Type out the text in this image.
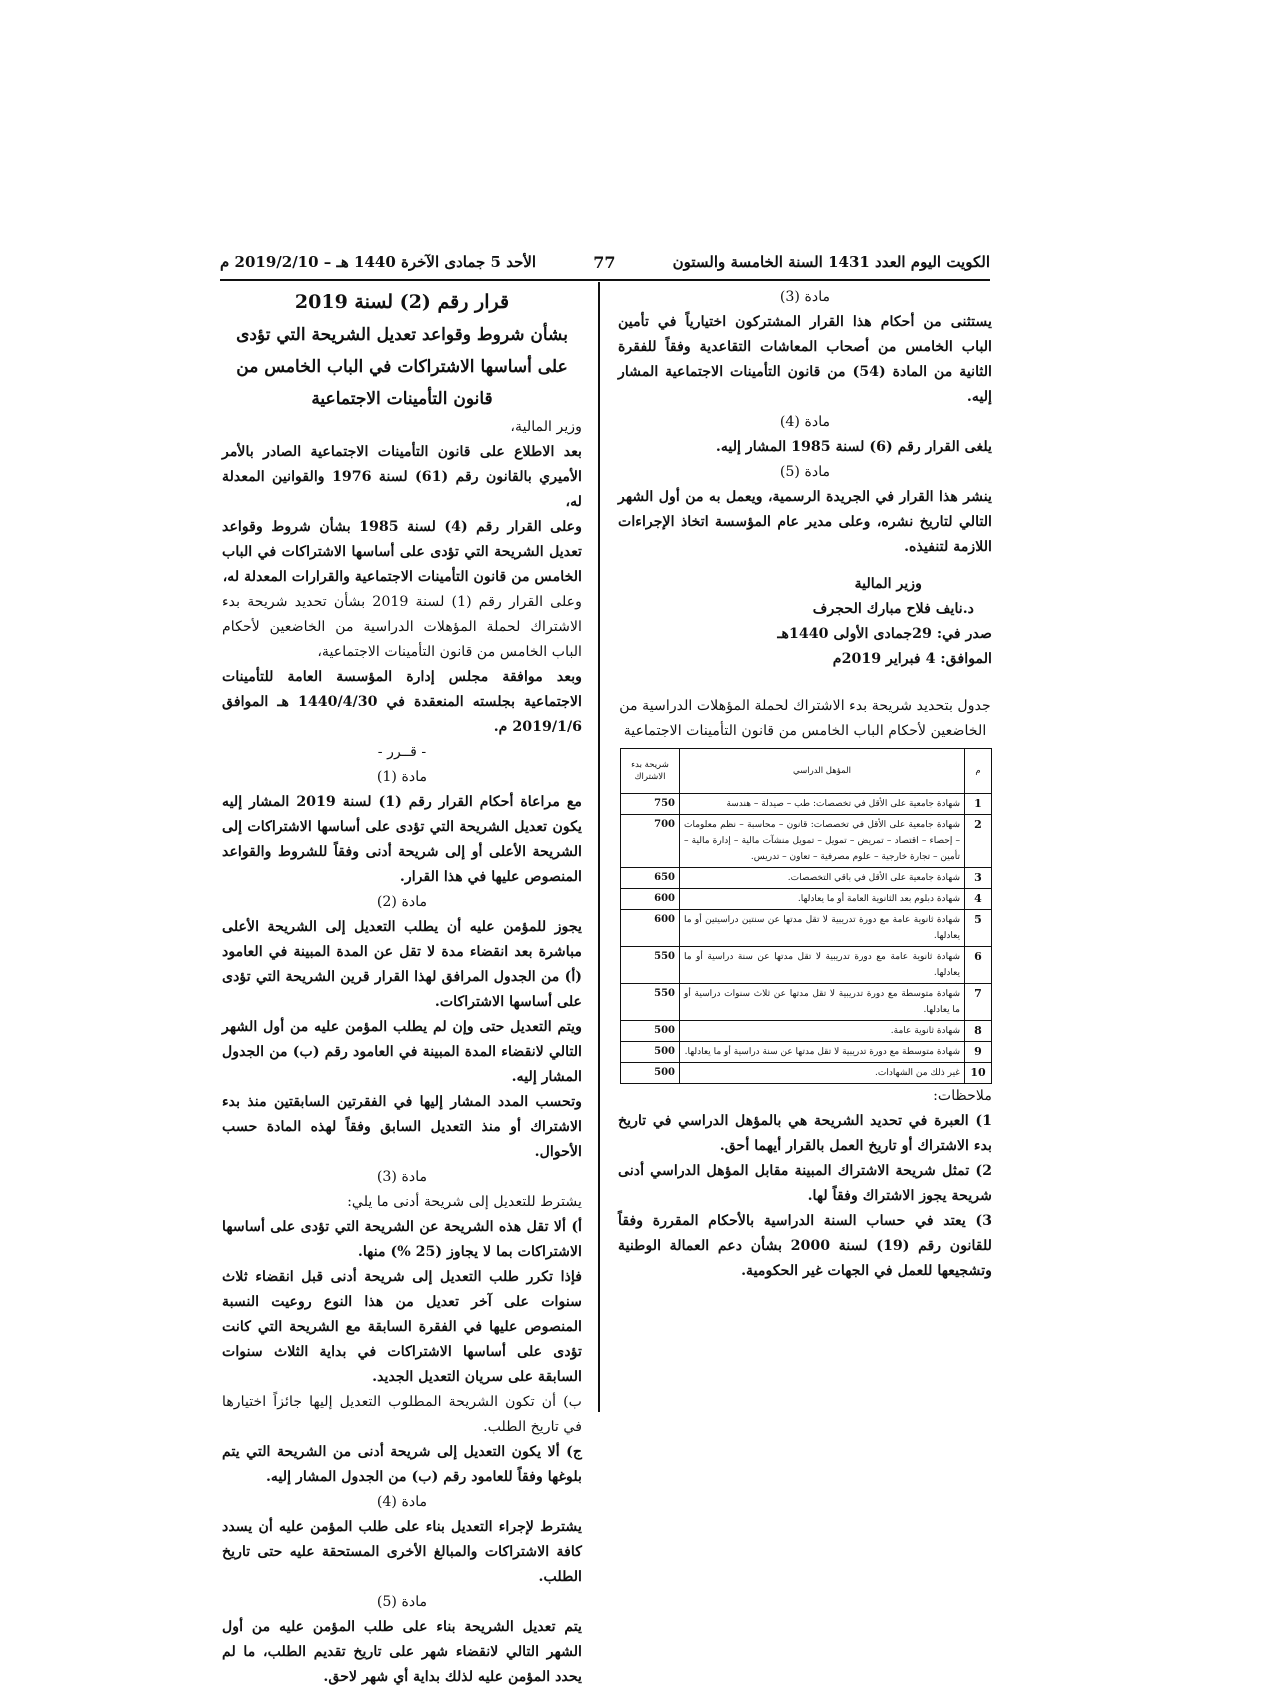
الكويت اليوم العدد 1431 السنة الخامسة والستون
77
الأحد 5 جمادى الآخرة 1440 هـ – 2019/2/10 م

مادة (3)

يستثنى من أحكام هذا القرار المشتركون اختيارياً في تأمين الباب الخامس من أصحاب المعاشات التقاعدية وفقاً للفقرة الثانية من المادة (54) من قانون التأمينات الاجتماعية المشار إليه.

مادة (4)

يلغى القرار رقم (6) لسنة 1985 المشار إليه.

مادة (5)

ينشر هذا القرار في الجريدة الرسمية، ويعمل به من أول الشهر التالي لتاريخ نشره، وعلى مدير عام المؤسسة اتخاذ الإجراءات اللازمة لتنفيذه.

وزير المالية

د.نايف فلاح مبارك الحجرف

صدر في: 29جمادى الأولى 1440هـ

الموافق: 4 فبراير 2019م

جدول بتحديد شريحة بدء الاشتراك لحملة المؤهلات الدراسية من الخاضعين لأحكام الباب الخامس من قانون التأمينات الاجتماعية

م	المؤهل الدراسي	شريحة بدء الاشتراك
1	شهادة جامعية على الأقل في تخصصات: طب – صيدلة – هندسة	750

2	شهادة جامعية على الأقل في تخصصات: قانون – محاسبة – نظم معلومات – إحصاء – اقتصاد – تمريض – تمويل – تمويل منشآت مالية – إدارة مالية – تأمين – تجارة خارجية – علوم مصرفية – تعاون – تدريس.	700

3	شهادة جامعية على الأقل في باقي التخصصات.	650

4	شهادة دبلوم بعد الثانوية العامة أو ما يعادلها.	600

5	شهادة ثانوية عامة مع دورة تدريبية لا تقل مدتها عن سنتين دراسيتين أو ما يعادلها.	600

6	شهادة ثانوية عامة مع دورة تدريبية لا تقل مدتها عن سنة دراسية أو ما يعادلها.	550

7	شهادة متوسطة مع دورة تدريبية لا تقل مدتها عن ثلاث سنوات دراسية أو ما يعادلها.	550

8	شهادة ثانوية عامة.	500

9	شهادة متوسطة مع دورة تدريبية لا تقل مدتها عن سنة دراسية أو ما يعادلها.	500

10	غير ذلك من الشهادات.	500

ملاحظات:

1) العبرة في تحديد الشريحة هي بالمؤهل الدراسي في تاريخ بدء الاشتراك أو تاريخ العمل بالقرار أيهما أحق.

2) تمثل شريحة الاشتراك المبينة مقابل المؤهل الدراسي أدنى شريحة يجوز الاشتراك وفقاً لها.

3) يعتد في حساب السنة الدراسية بالأحكام المقررة وفقاً للقانون رقم (19) لسنة 2000 بشأن دعم العمالة الوطنية وتشجيعها للعمل في الجهات غير الحكومية.

قرار رقم (2) لسنة 2019

بشأن شروط وقواعد تعديل الشريحة التي تؤدى على أساسها الاشتراكات في الباب الخامس من قانون التأمينات الاجتماعية

وزير المالية،

بعد الاطلاع على قانون التأمينات الاجتماعية الصادر بالأمر الأميري بالقانون رقم (61) لسنة 1976 والقوانين المعدلة له،

وعلى القرار رقم (4) لسنة 1985 بشأن شروط وقواعد تعديل الشريحة التي تؤدى على أساسها الاشتراكات في الباب الخامس من قانون التأمينات الاجتماعية والقرارات المعدلة له،

وعلى القرار رقم (1) لسنة 2019 بشأن تحديد شريحة بدء الاشتراك لحملة المؤهلات الدراسية من الخاضعين لأحكام الباب الخامس من قانون التأمينات الاجتماعية،

وبعد موافقة مجلس إدارة المؤسسة العامة للتأمينات الاجتماعية بجلسته المنعقدة في 1440/4/30 هـ الموافق 2019/1/6 م.

- قــرر -

مادة (1)

مع مراعاة أحكام القرار رقم (1) لسنة 2019 المشار إليه يكون تعديل الشريحة التي تؤدى على أساسها الاشتراكات إلى الشريحة الأعلى أو إلى شريحة أدنى وفقاً للشروط والقواعد المنصوص عليها في هذا القرار.

مادة (2)

يجوز للمؤمن عليه أن يطلب التعديل إلى الشريحة الأعلى مباشرة بعد انقضاء مدة لا تقل عن المدة المبينة في العامود (أ) من الجدول المرافق لهذا القرار قرين الشريحة التي تؤدى على أساسها الاشتراكات.

ويتم التعديل حتى وإن لم يطلب المؤمن عليه من أول الشهر التالي لانقضاء المدة المبينة في العامود رقم (ب) من الجدول المشار إليه.

وتحسب المدد المشار إليها في الفقرتين السابقتين منذ بدء الاشتراك أو منذ التعديل السابق وفقاً لهذه المادة حسب الأحوال.

مادة (3)

يشترط للتعديل إلى شريحة أدنى ما يلي:

أ) ألا تقل هذه الشريحة عن الشريحة التي تؤدى على أساسها الاشتراكات بما لا يجاوز (25 %) منها.

فإذا تكرر طلب التعديل إلى شريحة أدنى قبل انقضاء ثلاث سنوات على آخر تعديل من هذا النوع روعيت النسبة المنصوص عليها في الفقرة السابقة مع الشريحة التي كانت تؤدى على أساسها الاشتراكات في بداية الثلاث سنوات السابقة على سريان التعديل الجديد.

ب) أن تكون الشريحة المطلوب التعديل إليها جائزاً اختيارها في تاريخ الطلب.

ج) ألا يكون التعديل إلى شريحة أدنى من الشريحة التي يتم بلوغها وفقاً للعامود رقم (ب) من الجدول المشار إليه.

مادة (4)

يشترط لإجراء التعديل بناء على طلب المؤمن عليه أن يسدد كافة الاشتراكات والمبالغ الأخرى المستحقة عليه حتى تاريخ الطلب.

مادة (5)

يتم تعديل الشريحة بناء على طلب المؤمن عليه من أول الشهر التالي لانقضاء شهر على تاريخ تقديم الطلب، ما لم يحدد المؤمن عليه لذلك بداية أي شهر لاحق.
